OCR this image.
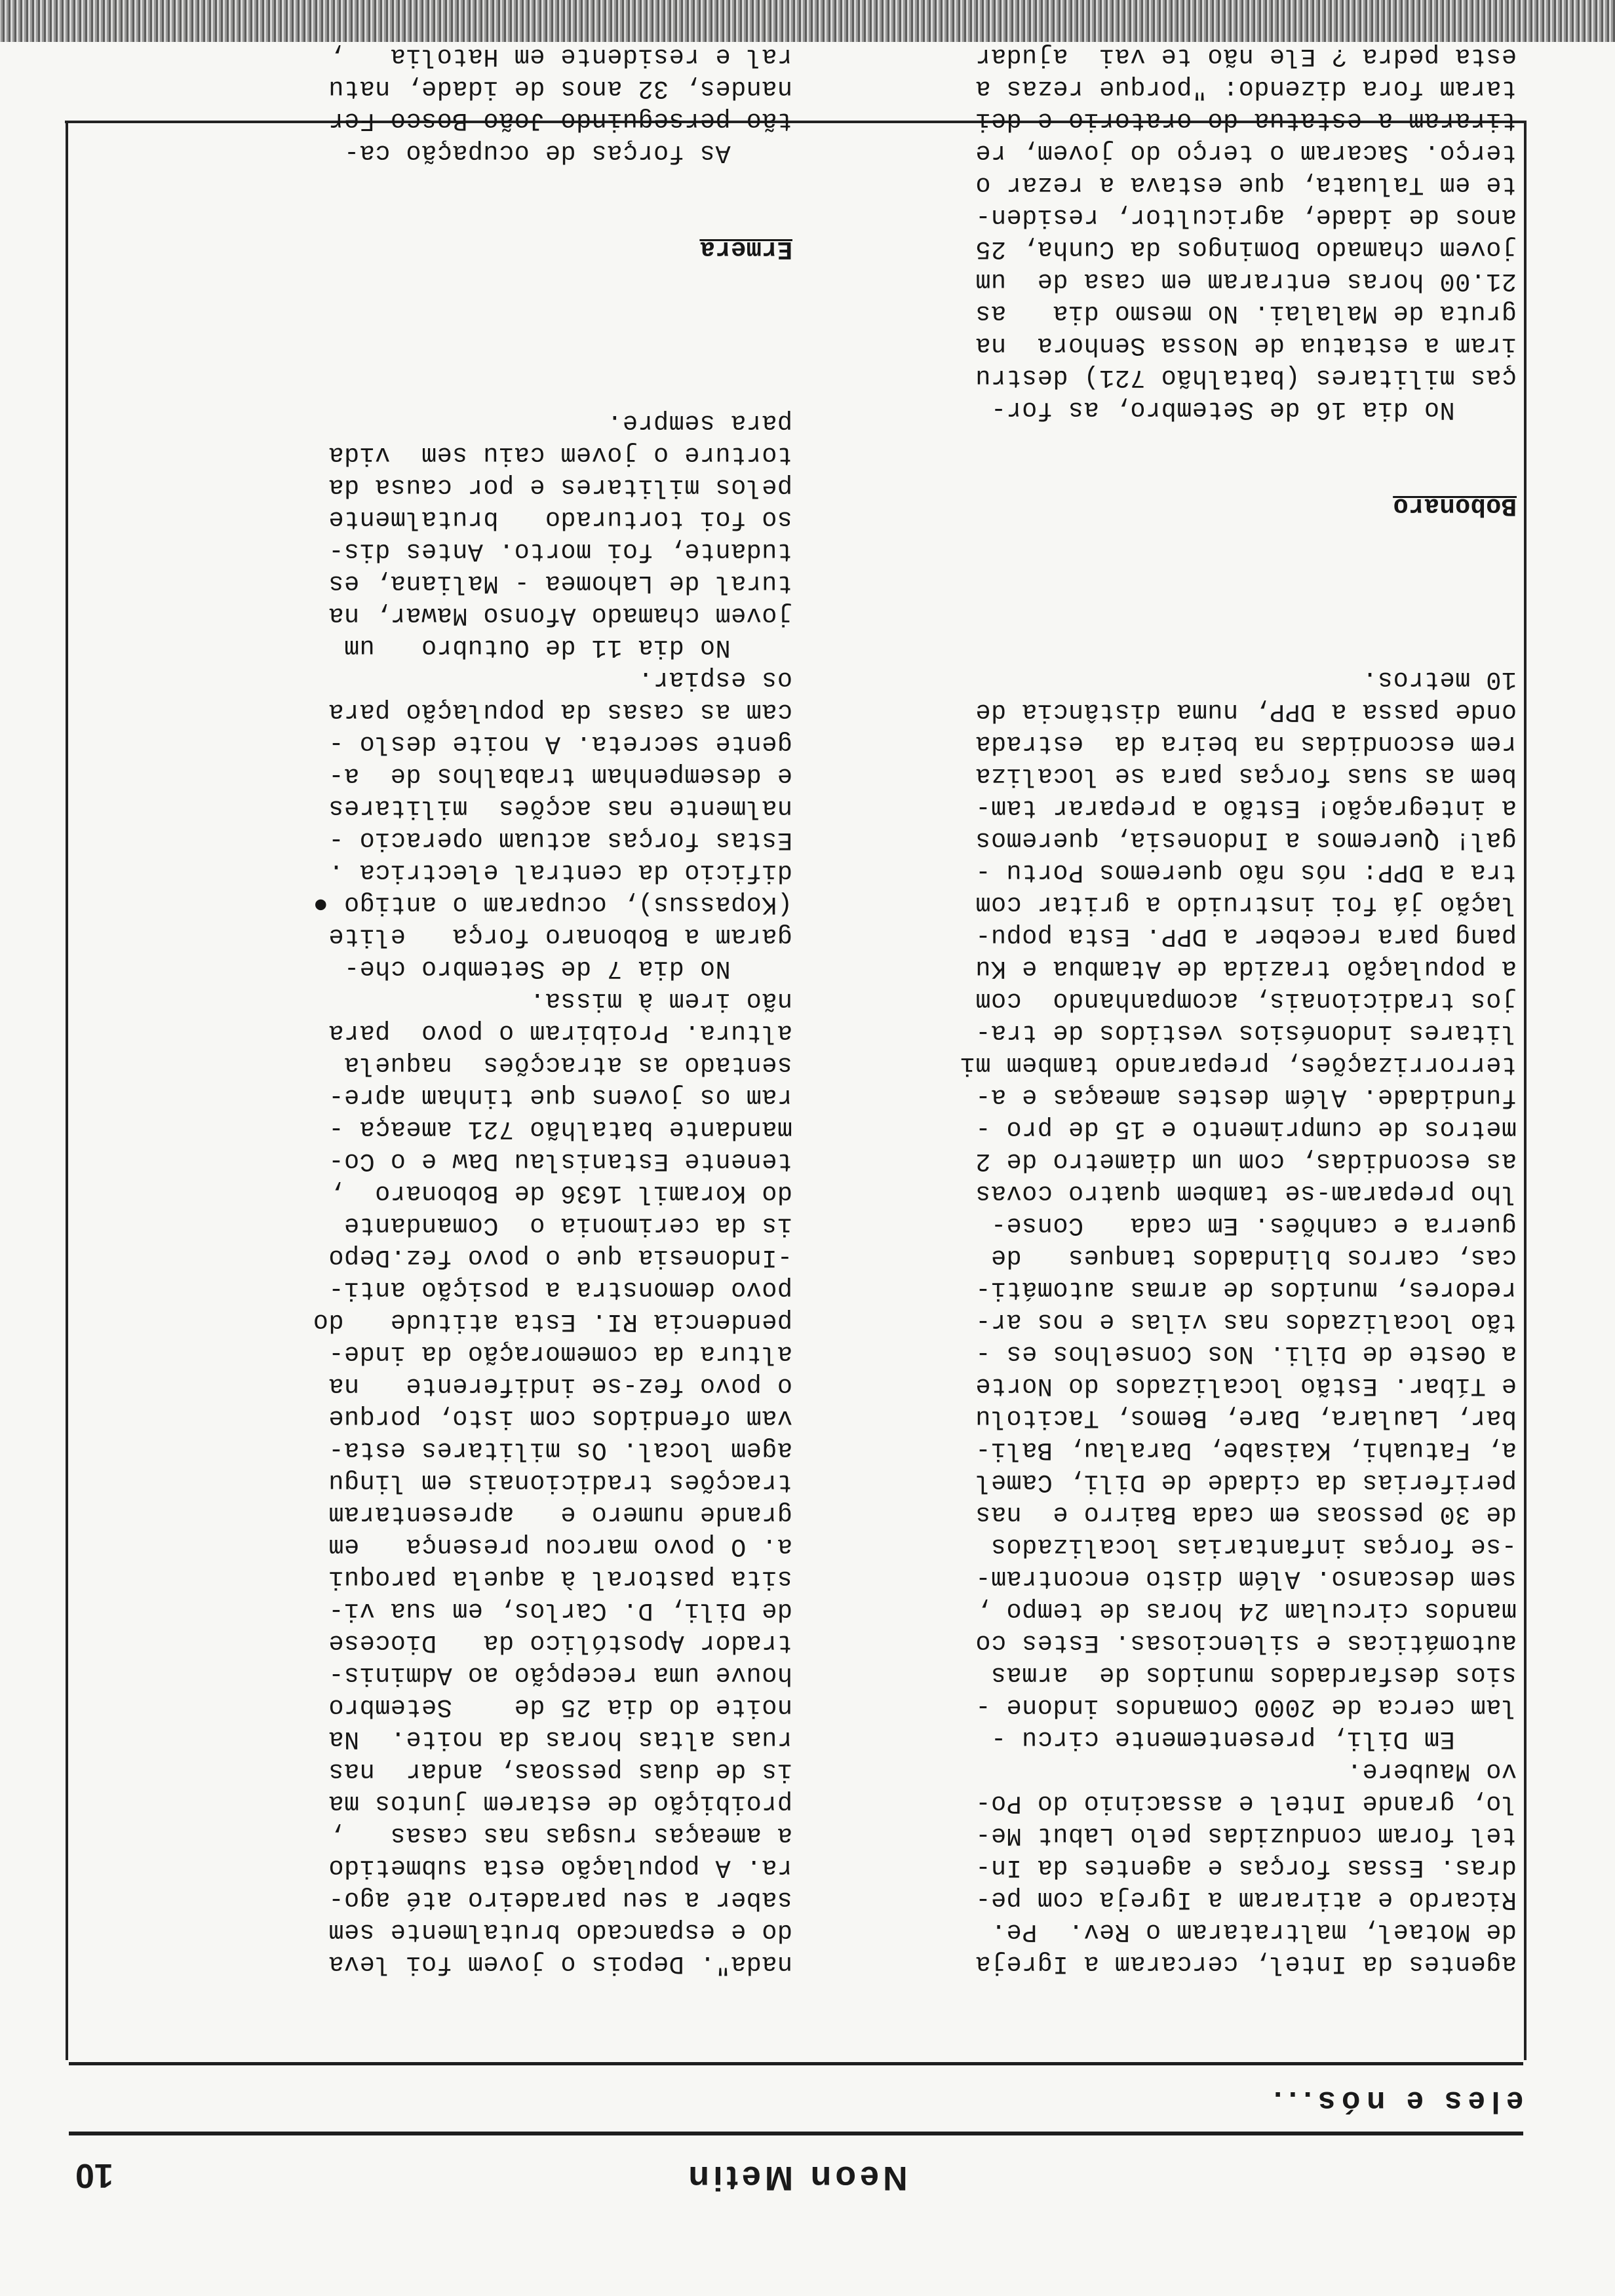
Neon Metin
10
eles e nós...

agentes da Intel, cercaram a Igreja
de Motael, maltrataram o Rev.  Pe.
Ricardo e atiraram a Igreja com pe-
dras. Essas forças e agentes da In-
tel foram conduzidas pelo Labut Me-
lo, grande Intel e assacinio do Po-
vo Maubere.
Em Dili, presentemente circu -
lam cerca de 2000 Comandos indone -
sios desfardados munidos de  armas
automáticas e silenciosas. Estes co
mandos circulam 24 horas de tempo ,
sem descanso. Além disto encontram-
-se forças infantarias localizados
de 30 pessoas em cada Bairro e  nas
periferias da cidade de Dili, Camel
a, Fatuahi, Kaisabe, Daralau, Bali-
bar, Laulara, Dare, Bemos, Tacitolu
e Tíbar. Estão localizados do Norte
a Oeste de Dili. Nos Conselhos es -
tão localizados nas vilas e nos ar-
redores, munidos de armas automáti-
cas, carros blindados tanques   de
guerra e canhões. Em cada   Conse-
lho preparam-se tambem quatro covas
as escondidas, com um diametro de 2
metros de cumprimento e 15 de pro -
fundidade. Além destes ameaças e a-
terrorrizações, preparando tambem mi
litares indonésios vestidos de tra-
jos tradicionais, acompanhando  com
a população trazida de Atambua e Ku
pang para receber a DPP. Esta popu-
lação já foi instruido a gritar com
tra a DPP: nós não queremos Portu -
gal! Queremos a Indonesia, queremos
a integração! Estão a preparar tam-
bem as suas forças para se localiza
rem escondidas na beira da  estrada
onde passa a DPP, numa distância de
10 metros.

Bobonaro

No dia 16 de Setembro, as for-
ças militares (batalhão 721) destru
iram a estatua de Nossa Senhora  na
gruta de Malalai. No mesmo dia   as
21.00 horas entraram em casa de  um
jovem chamado Domingos da Cunha, 25
anos de idade, agricultor, residen-
te em Taluata, que estava a rezar o
terço. Sacaram o terço do jovem, re
tiraram a estatua do oratorio e dei
taram fora dizendo: "porque rezas a
esta pedra ? Ele não te vai  ajudar

nada". Depois o jovem foi leva
do e espancado brutalmente sem
saber a seu paradeiro até ago-
ra. A população esta submetido
a ameaças rusgas nas casas   ,
proibição de estarem juntos ma
is de duas pessoas, andar  nas
ruas altas horas da noite.  Na
noite do dia 25 de    Setembro
houve uma recepção ao Adminis-
trador Apostólico da   Diocese
de Dili, D. Carlos, em sua vi-
sita pastoral à aquela paroqui
a. O povo marcou presença   em
grande numero e   apresentaram
tracções tradicionais em lingu
agem local. Os militares esta-
vam ofendidos com isto, porque
o povo fez-se indiferente   na
altura da comemoração da inde-
pendencia RI. Esta atitude   do
povo demonstra a posição anti-
-Indonesia que o povo fez.Depo
is da cerimonia o  Comandante
do Koramil 1636 de Bobonaro  ,
tenente Estanislau Daw e o Co-
mandante batalhão 721 ameaça -
ram os jovens que tinham apre-
sentado as atracções  naquela
altura. Proibiram o povo  para
não irem à missa.
No dia 7 de Setembro che-
garam a Bobonaro força   elite
(Kopassus), ocuparam o antigo ●
dificio da central electrica .
Estas forças actuam operacio -
nalmente nas acções  militares
e desempenham trabalhos de  a-
gente secreta. A noite deslo -
cam as casas da população para
os espiar.
No dia 11 de Outubro   um
jovem chamado Afonso Mawar, na
tural de Lahomea - Maliana, es
tudante, foi morto. Antes dis-
so foi torturado   brutalmente
pelos militares e por causa da
torture o jovem caiu sem  vida
para sempre.

Ermera

As forças de ocupação ca-
tão perseguindo João Bosco Fer
nandes, 32 anos de idade, natu
ral e residente em Hatolia   ,
